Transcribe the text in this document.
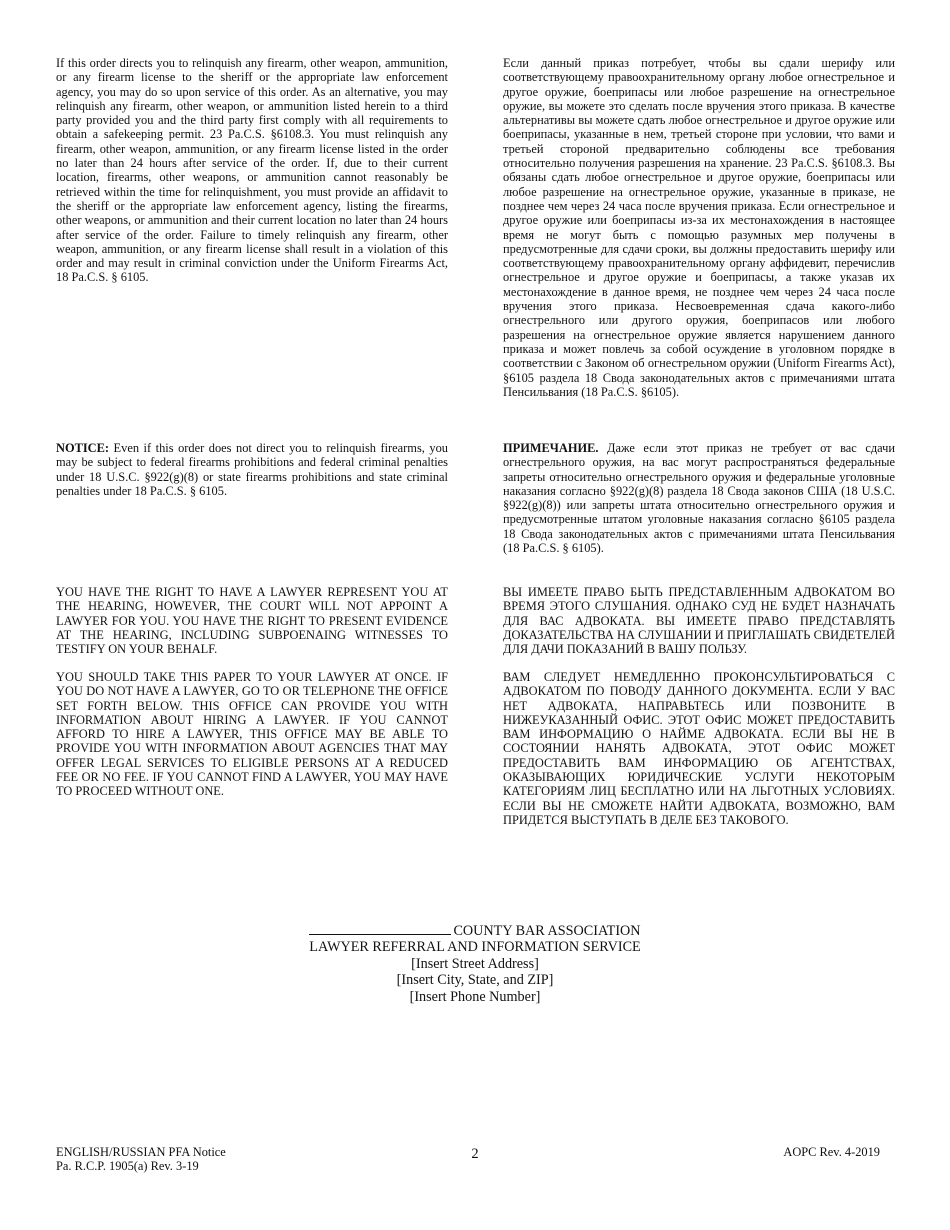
If this order directs you to relinquish any firearm, other weapon, ammunition, or any firearm license to the sheriff or the appropriate law enforcement agency, you may do so upon service of this order. As an alternative, you may relinquish any firearm, other weapon, or ammunition listed herein to a third party provided you and the third party first comply with all requirements to obtain a safekeeping permit. 23 Pa.C.S. §6108.3. You must relinquish any firearm, other weapon, ammunition, or any firearm license listed in the order no later than 24 hours after service of the order. If, due to their current location, firearms, other weapons, or ammunition cannot reasonably be retrieved within the time for relinquishment, you must provide an affidavit to the sheriff or the appropriate law enforcement agency, listing the firearms, other weapons, or ammunition and their current location no later than 24 hours after service of the order. Failure to timely relinquish any firearm, other weapon, ammunition, or any firearm license shall result in a violation of this order and may result in criminal conviction under the Uniform Firearms Act, 18 Pa.C.S. § 6105.
NOTICE: Even if this order does not direct you to relinquish firearms, you may be subject to federal firearms prohibitions and federal criminal penalties under 18 U.S.C. §922(g)(8) or state firearms prohibitions and state criminal penalties under 18 Pa.C.S. § 6105.
YOU HAVE THE RIGHT TO HAVE A LAWYER REPRESENT YOU AT THE HEARING, HOWEVER, THE COURT WILL NOT APPOINT A LAWYER FOR YOU. YOU HAVE THE RIGHT TO PRESENT EVIDENCE AT THE HEARING, INCLUDING SUBPOENAING WITNESSES TO TESTIFY ON YOUR BEHALF.
YOU SHOULD TAKE THIS PAPER TO YOUR LAWYER AT ONCE. IF YOU DO NOT HAVE A LAWYER, GO TO OR TELEPHONE THE OFFICE SET FORTH BELOW. THIS OFFICE CAN PROVIDE YOU WITH INFORMATION ABOUT HIRING A LAWYER. IF YOU CANNOT AFFORD TO HIRE A LAWYER, THIS OFFICE MAY BE ABLE TO PROVIDE YOU WITH INFORMATION ABOUT AGENCIES THAT MAY OFFER LEGAL SERVICES TO ELIGIBLE PERSONS AT A REDUCED FEE OR NO FEE. IF YOU CANNOT FIND A LAWYER, YOU MAY HAVE TO PROCEED WITHOUT ONE.
Если данный приказ потребует, чтобы вы сдали шерифу или соответствующему правоохранительному органу любое огнестрельное и другое оружие, боеприпасы или любое разрешение на огнестрельное оружие, вы можете это сделать после вручения этого приказа. В качестве альтернативы вы можете сдать любое огнестрельное и другое оружие или боеприпасы, указанные в нем, третьей стороне при условии, что вами и третьей стороной предварительно соблюдены все требования относительно получения разрешения на хранение. 23 Pa.C.S. §6108.3. Вы обязаны сдать любое огнестрельное и другое оружие, боеприпасы или любое разрешение на огнестрельное оружие, указанные в приказе, не позднее чем через 24 часа после вручения приказа. Если огнестрельное и другое оружие или боеприпасы из-за их местонахождения в настоящее время не могут быть с помощью разумных мер получены в предусмотренные для сдачи сроки, вы должны предоставить шерифу или соответствующему правоохранительному органу аффидевит, перечислив огнестрельное и другое оружие и боеприпасы, а также указав их местонахождение в данное время, не позднее чем через 24 часа после вручения этого приказа. Несвоевременная сдача какого-либо огнестрельного или другого оружия, боеприпасов или любого разрешения на огнестрельное оружие является нарушением данного приказа и может повлечь за собой осуждение в уголовном порядке в соответствии с Законом об огнестрельном оружии (Uniform Firearms Act), §6105 раздела 18 Свода законодательных актов с примечаниями штата Пенсильвания (18 Pa.C.S. §6105).
ПРИМЕЧАНИЕ. Даже если этот приказ не требует от вас сдачи огнестрельного оружия, на вас могут распространяться федеральные запреты относительно огнестрельного оружия и федеральные уголовные наказания согласно §922(g)(8) раздела 18 Свода законов США (18 U.S.C. §922(g)(8)) или запреты штата относительно огнестрельного оружия и предусмотренные штатом уголовные наказания согласно §6105 раздела 18 Свода законодательных актов с примечаниями штата Пенсильвания (18 Pa.C.S. § 6105).
ВЫ ИМЕЕТЕ ПРАВО БЫТЬ ПРЕДСТАВЛЕННЫМ АДВОКАТОМ ВО ВРЕМЯ ЭТОГО СЛУШАНИЯ. ОДНАКО СУД НЕ БУДЕТ НАЗНАЧАТЬ ДЛЯ ВАС АДВОКАТА. ВЫ ИМЕЕТЕ ПРАВО ПРЕДСТАВЛЯТЬ ДОКАЗАТЕЛЬСТВА НА СЛУШАНИИ И ПРИГЛАШАТЬ СВИДЕТЕЛЕЙ ДЛЯ ДАЧИ ПОКАЗАНИЙ В ВАШУ ПОЛЬЗУ.
ВАМ СЛЕДУЕТ НЕМЕДЛЕННО ПРОКОНСУЛЬТИРОВАТЬСЯ С АДВОКАТОМ ПО ПОВОДУ ДАННОГО ДОКУМЕНТА. ЕСЛИ У ВАС НЕТ АДВОКАТА, НАПРАВЬТЕСЬ ИЛИ ПОЗВОНИТЕ В НИЖЕУКАЗАННЫЙ ОФИС. ЭТОТ ОФИС МОЖЕТ ПРЕДОСТАВИТЬ ВАМ ИНФОРМАЦИЮ О НАЙМЕ АДВОКАТА. ЕСЛИ ВЫ НЕ В СОСТОЯНИИ НАНЯТЬ АДВОКАТА, ЭТОТ ОФИС МОЖЕТ ПРЕДОСТАВИТЬ ВАМ ИНФОРМАЦИЮ ОБ АГЕНТСТВАХ, ОКАЗЫВАЮЩИХ ЮРИДИЧЕСКИЕ УСЛУГИ НЕКОТОРЫМ КАТЕГОРИЯМ ЛИЦ БЕСПЛАТНО ИЛИ НА ЛЬГОТНЫХ УСЛОВИЯХ. ЕСЛИ ВЫ НЕ СМОЖЕТЕ НАЙТИ АДВОКАТА, ВОЗМОЖНО, ВАМ ПРИДЕТСЯ ВЫСТУПАТЬ В ДЕЛЕ БЕЗ ТАКОВОГО.
COUNTY BAR ASSOCIATION
LAWYER REFERRAL AND INFORMATION SERVICE
[Insert Street Address]
[Insert City, State, and ZIP]
[Insert Phone Number]
ENGLISH/RUSSIAN PFA Notice
Pa. R.C.P. 1905(a) Rev. 3-19
2	AOPC Rev. 4-2019
